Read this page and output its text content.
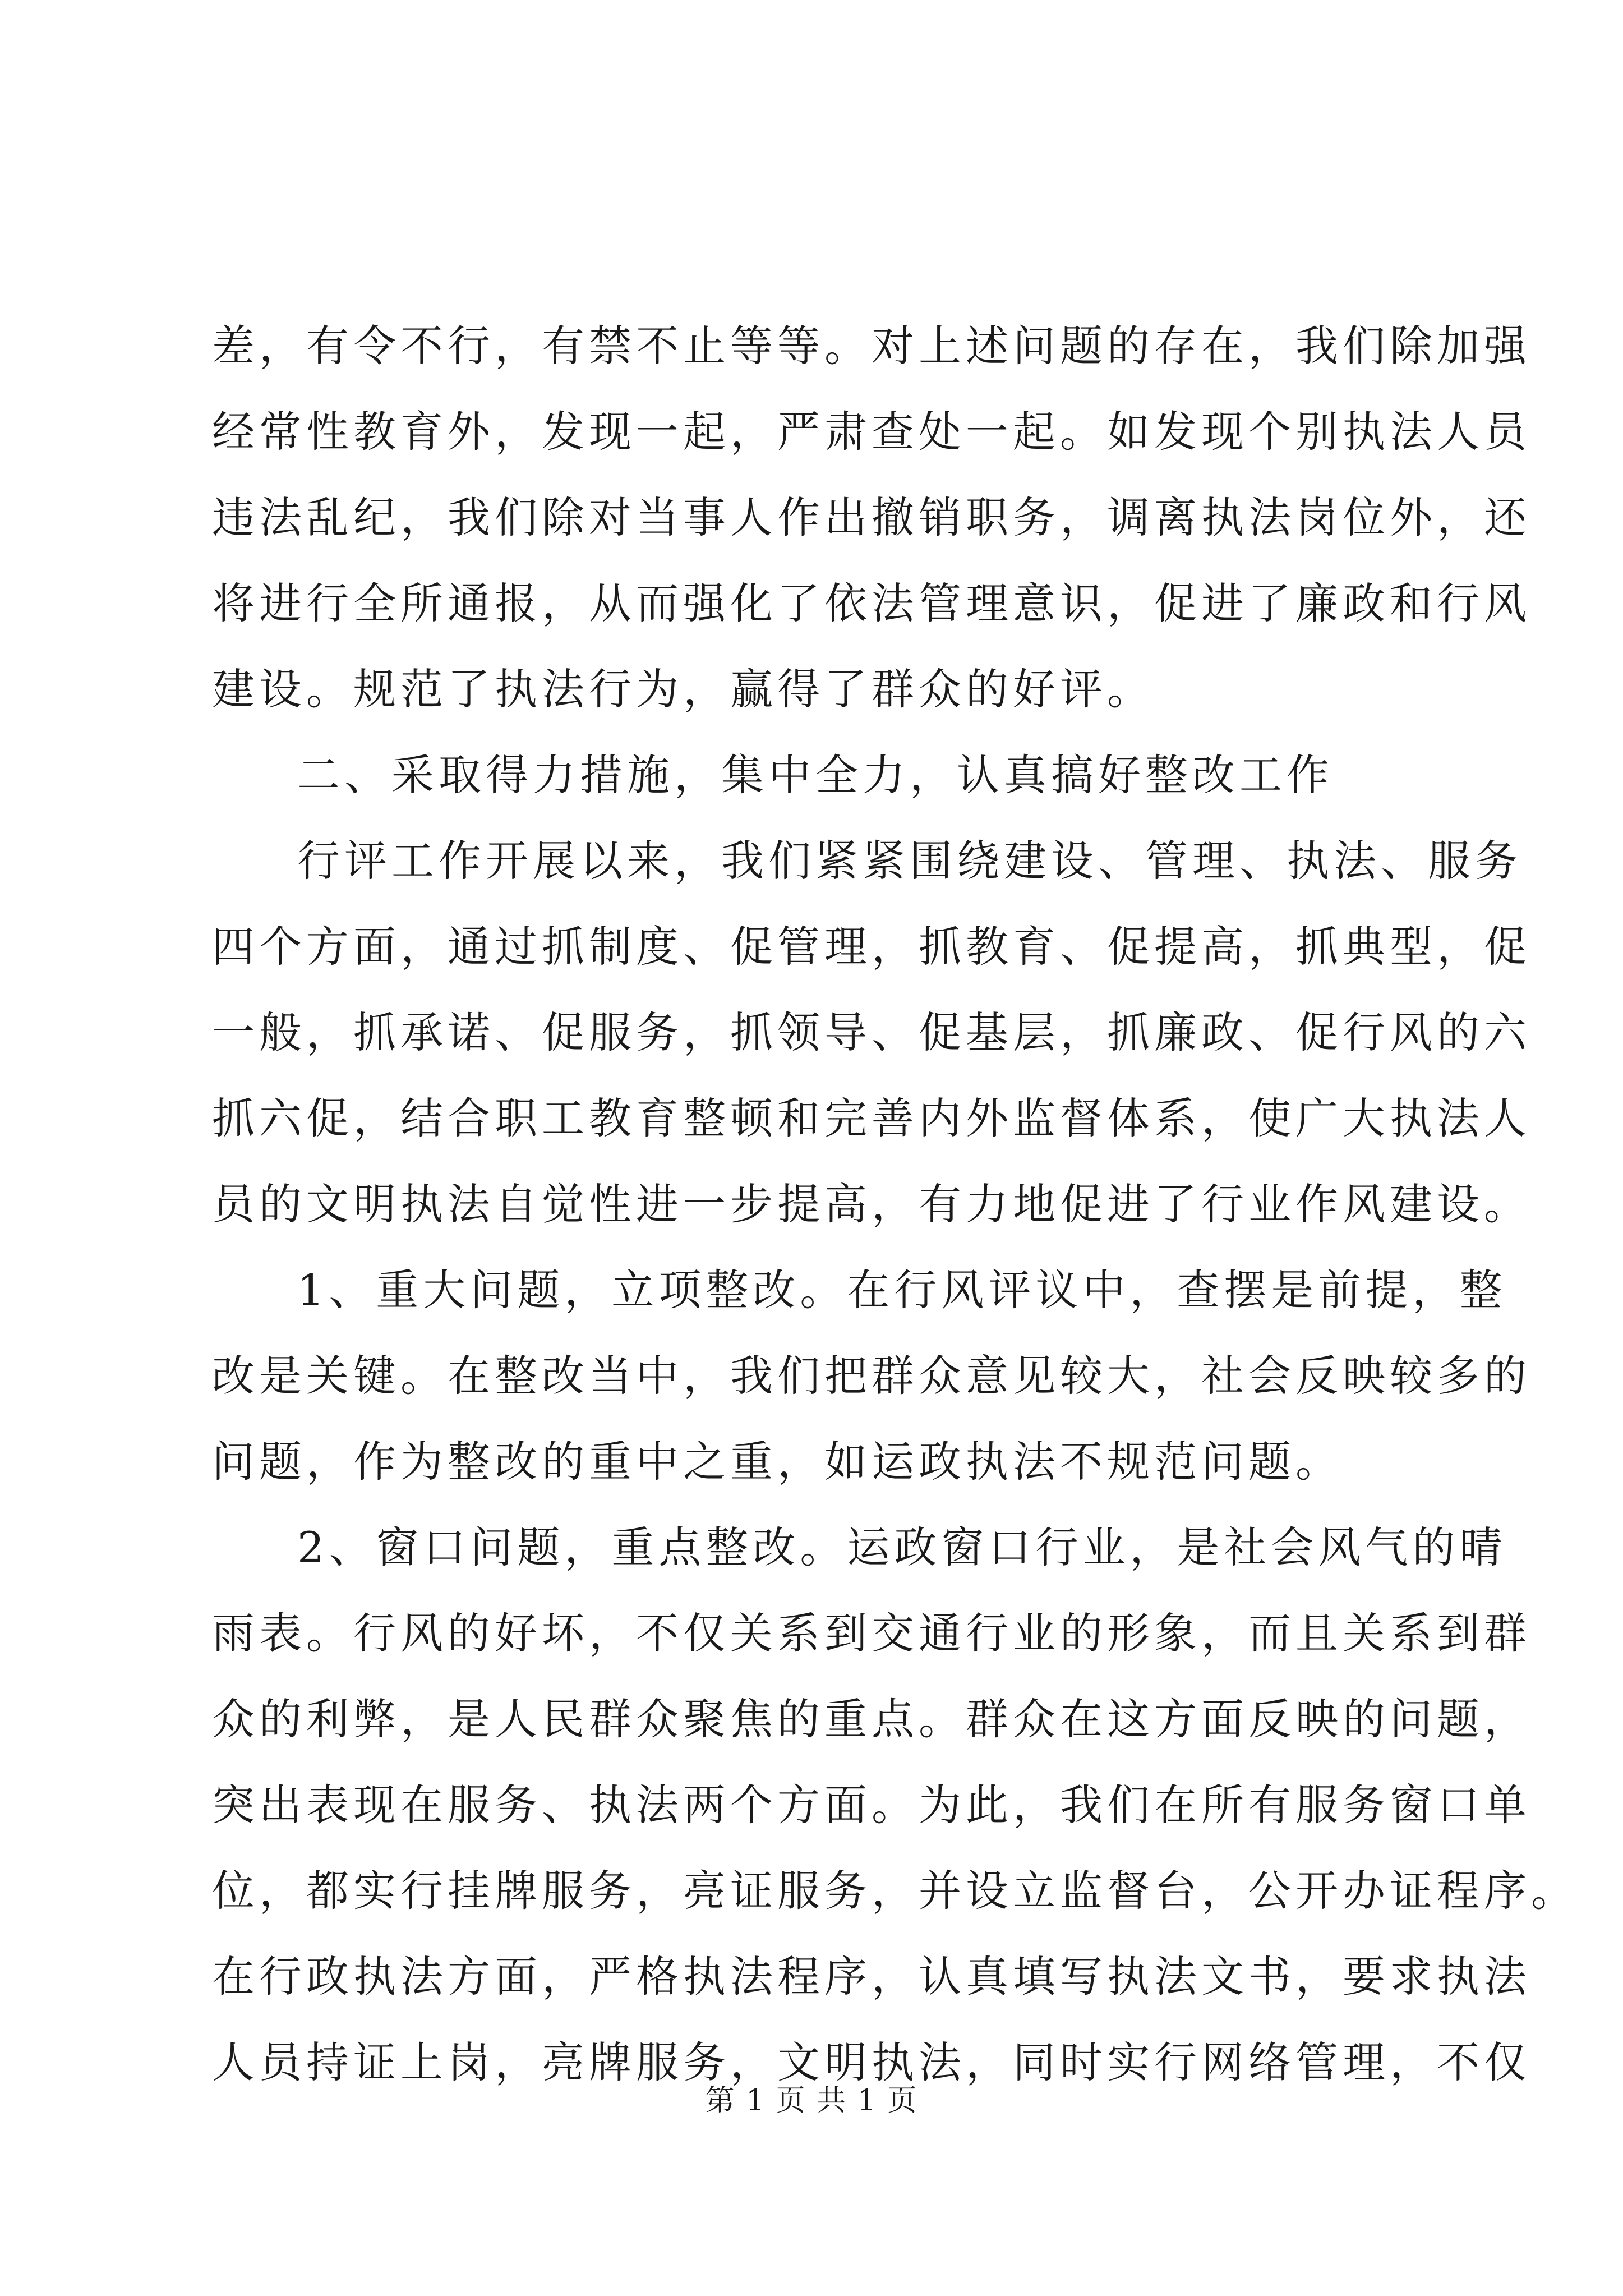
差，有令不行，有禁不止等等。对上述问题的存在，我们除加强
经常性教育外，发现一起，严肃查处一起。如发现个别执法人员
违法乱纪，我们除对当事人作出撤销职务，调离执法岗位外，还
将进行全所通报，从而强化了依法管理意识，促进了廉政和行风
建设。规范了执法行为，赢得了群众的好评。
二、采取得力措施，集中全力，认真搞好整改工作
行评工作开展以来，我们紧紧围绕建设、管理、执法、服务
四个方面，通过抓制度、促管理，抓教育、促提高，抓典型，促
一般，抓承诺、促服务，抓领导、促基层，抓廉政、促行风的六
抓六促，结合职工教育整顿和完善内外监督体系，使广大执法人
员的文明执法自觉性进一步提高，有力地促进了行业作风建设。
1、重大问题，立项整改。在行风评议中，查摆是前提，整
改是关键。在整改当中，我们把群众意见较大，社会反映较多的
问题，作为整改的重中之重，如运政执法不规范问题。
2、窗口问题，重点整改。运政窗口行业，是社会风气的晴
雨表。行风的好坏，不仅关系到交通行业的形象，而且关系到群
众的利弊，是人民群众聚焦的重点。群众在这方面反映的问题，
突出表现在服务、执法两个方面。为此，我们在所有服务窗口单
位，都实行挂牌服务，亮证服务，并设立监督台，公开办证程序。
在行政执法方面，严格执法程序，认真填写执法文书，要求执法
人员持证上岗，亮牌服务，文明执法，同时实行网络管理，不仅
第 1 页 共 1 页
